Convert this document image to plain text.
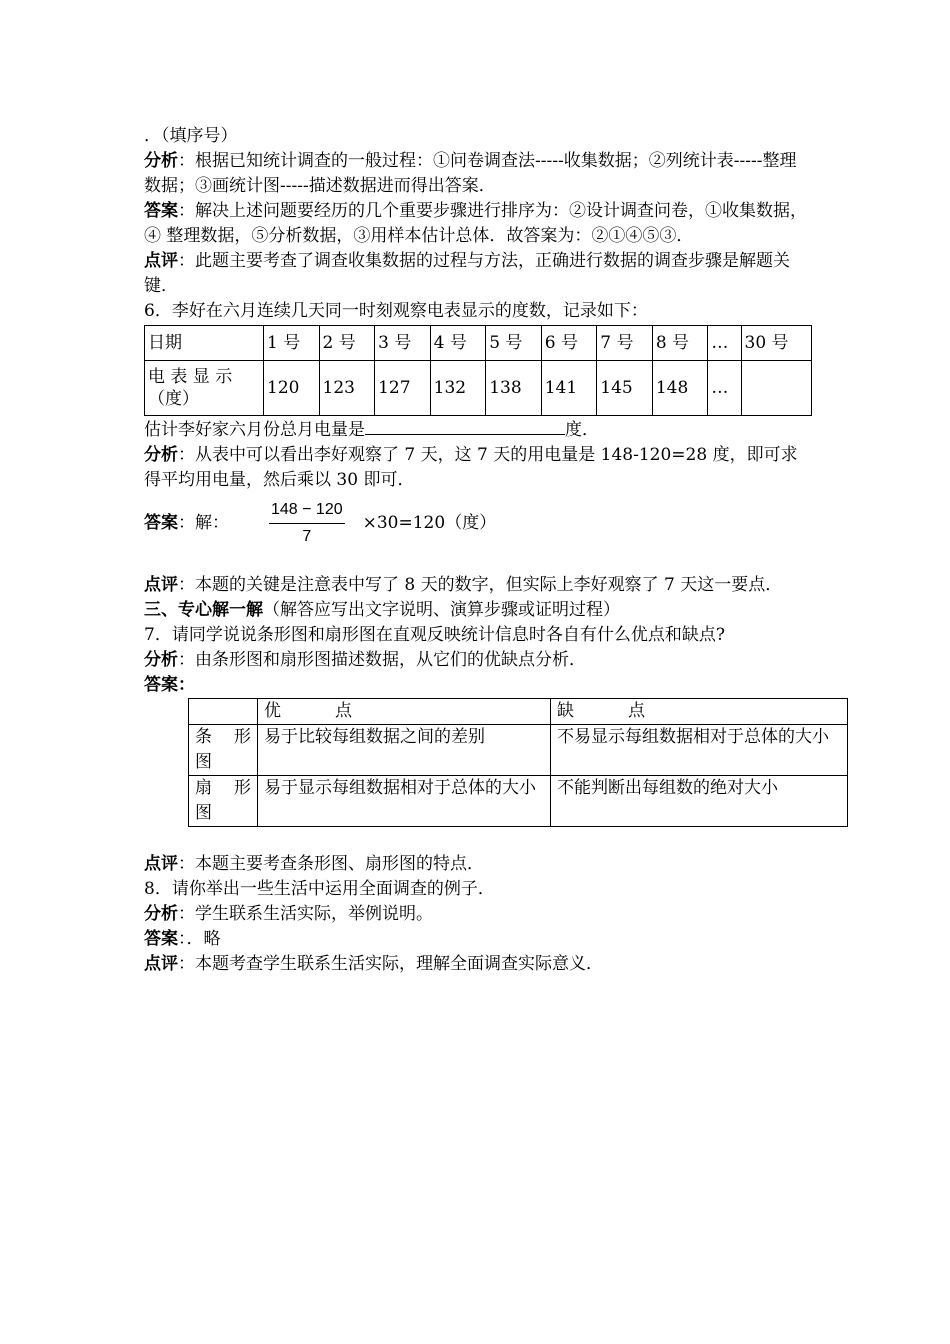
．（填序号）

分析：根据已知统计调查的一般过程：①问卷调查法-----收集数据；②列统计表-----整理数据；③画统计图-----描述数据进而得出答案．

答案：解决上述问题要经历的几个重要步骤进行排序为：②设计调查问卷，①收集数据，

④ 整理数据，⑤分析数据，③用样本估计总体．故答案为：②①④⑤③．

点评：此题主要考查了调查收集数据的过程与方法，正确进行数据的调查步骤是解题关键．

6．李好在六月连续几天同一时刻观察电表显示的度数，记录如下：

日期	1 号	2 号	3 号	4 号	5 号	6 号	7 号	8 号	…	30 号
电 表 显 示（度）	120	123	127	132	138	141	145	148	…	

估计李好家六月份总月电量是	度．

分析：从表中可以看出李好观察了 7 天，这 7 天的用电量是 148-120=28 度，即可求得平均用电量，然后乘以 30 即可．

答案：解：	$\frac{148 - 120}{7} \times 30=120$（度）

点评：本题的关键是注意表中写了 8 天的数字，但实际上李好观察了 7 天这一要点．

三、专心解一解（解答应写出文字说明、演算步骤或证明过程）

7．请同学说说条形图和扇形图在直观反映统计信息时各自有什么优点和缺点?

分析：由条形图和扇形图描述数据，从它们的优缺点分析．

答案：

	优          点	缺          点
条 形 图	易于比较每组数据之间的差别	不易显示每组数据相对于总体的大小
扇 形 图	易于显示每组数据相对于总体的大小	不能判断出每组数的绝对大小

点评：本题主要考查条形图、扇形图的特点．

8．请你举出一些生活中运用全面调查的例子．

分析：学生联系生活实际，举例说明。

答案：．略

点评：本题考查学生联系生活实际，理解全面调查实际意义．
